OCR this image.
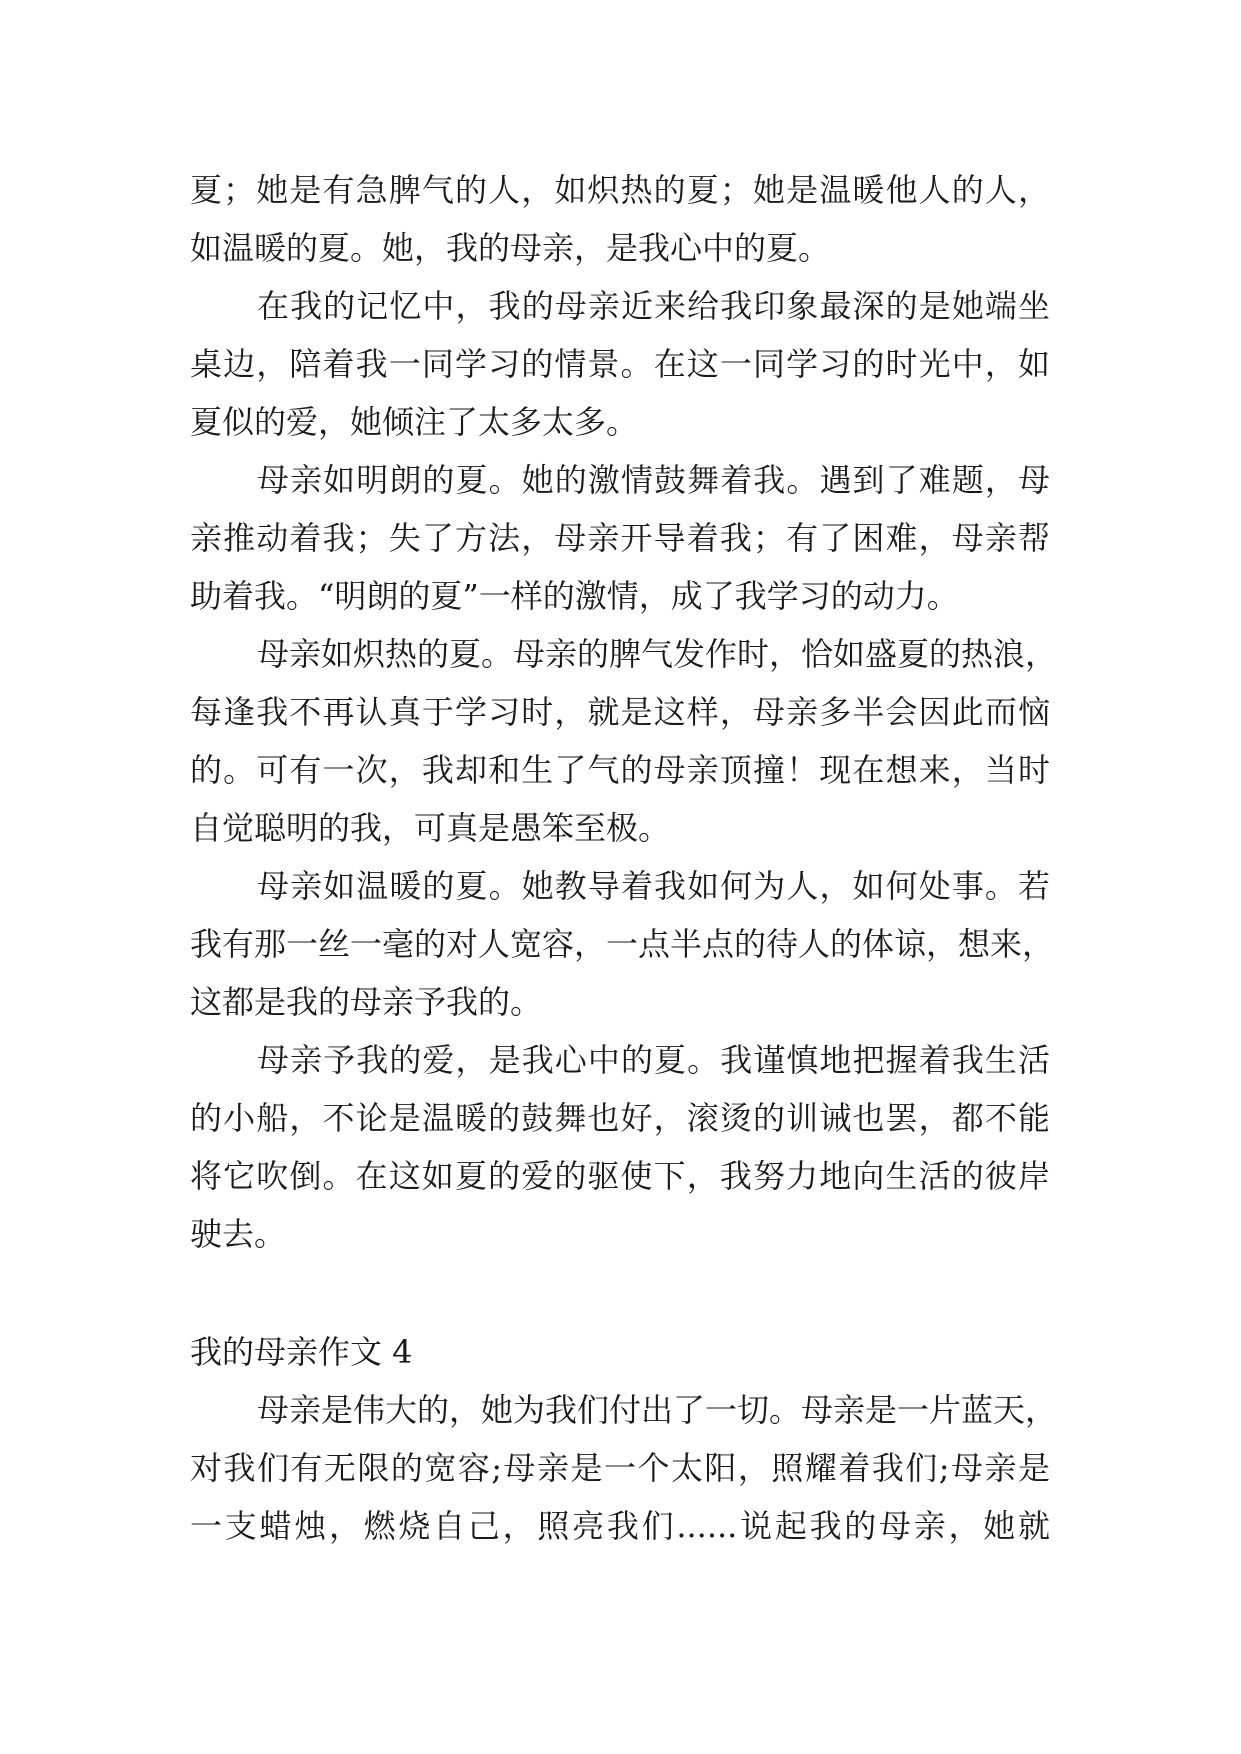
夏；她是有急脾气的人，如炽热的夏；她是温暖他人的人，
如温暖的夏。她，我的母亲，是我心中的夏。
在我的记忆中，我的母亲近来给我印象最深的是她端坐
桌边，陪着我一同学习的情景。在这一同学习的时光中，如
夏似的爱，她倾注了太多太多。
母亲如明朗的夏。她的激情鼓舞着我。遇到了难题，母
亲推动着我；失了方法，母亲开导着我；有了困难，母亲帮
助着我。“明朗的夏”一样的激情，成了我学习的动力。
母亲如炽热的夏。母亲的脾气发作时，恰如盛夏的热浪，
每逢我不再认真于学习时，就是这样，母亲多半会因此而恼
的。可有一次，我却和生了气的母亲顶撞！现在想来，当时
自觉聪明的我，可真是愚笨至极。
母亲如温暖的夏。她教导着我如何为人，如何处事。若
我有那一丝一毫的对人宽容，一点半点的待人的体谅，想来，
这都是我的母亲予我的。
母亲予我的爱，是我心中的夏。我谨慎地把握着我生活
的小船，不论是温暖的鼓舞也好，滚烫的训诫也罢，都不能
将它吹倒。在这如夏的爱的驱使下，我努力地向生活的彼岸
驶去。
我的母亲作文 4
母亲是伟大的，她为我们付出了一切。母亲是一片蓝天，
对我们有无限的宽容;母亲是一个太阳，照耀着我们;母亲是
一支蜡烛，燃烧自己，照亮我们......说起我的母亲，她就
